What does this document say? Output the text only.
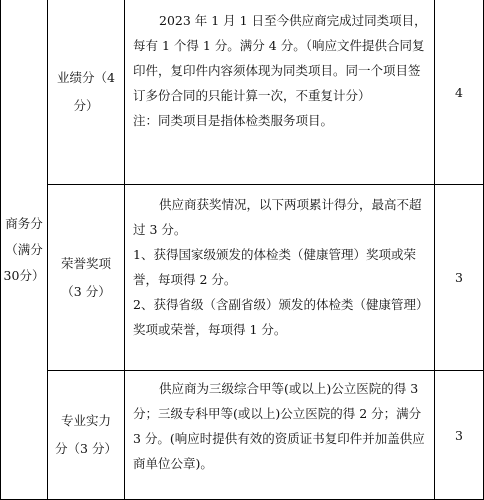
商务分

（满分

30分）

业绩分（4

分）

2023 年 1 月 1 日至今供应商完成过同类项目，每有 1 个得 1 分。满分 4 分。（响应文件提供合同复印件，复印件内容须体现为同类项目。同一个项目签订多份合同的只能计算一次，不重复计分）

注：同类项目是指体检类服务项目。

4

荣誉奖项

（3 分）

供应商获奖情况，以下两项累计得分，最高不超过 3 分。

1、获得国家级颁发的体检类（健康管理）奖项或荣誉，每项得 2 分。

2、获得省级（含副省级）颁发的体检类（健康管理）奖项或荣誉，每项得 1 分。

3

专业实力

分（3 分）

供应商为三级综合甲等(或以上)公立医院的得 3 分；三级专科甲等(或以上)公立医院的得 2 分；满分 3 分。(响应时提供有效的资质证书复印件并加盖供应商单位公章)。

3
